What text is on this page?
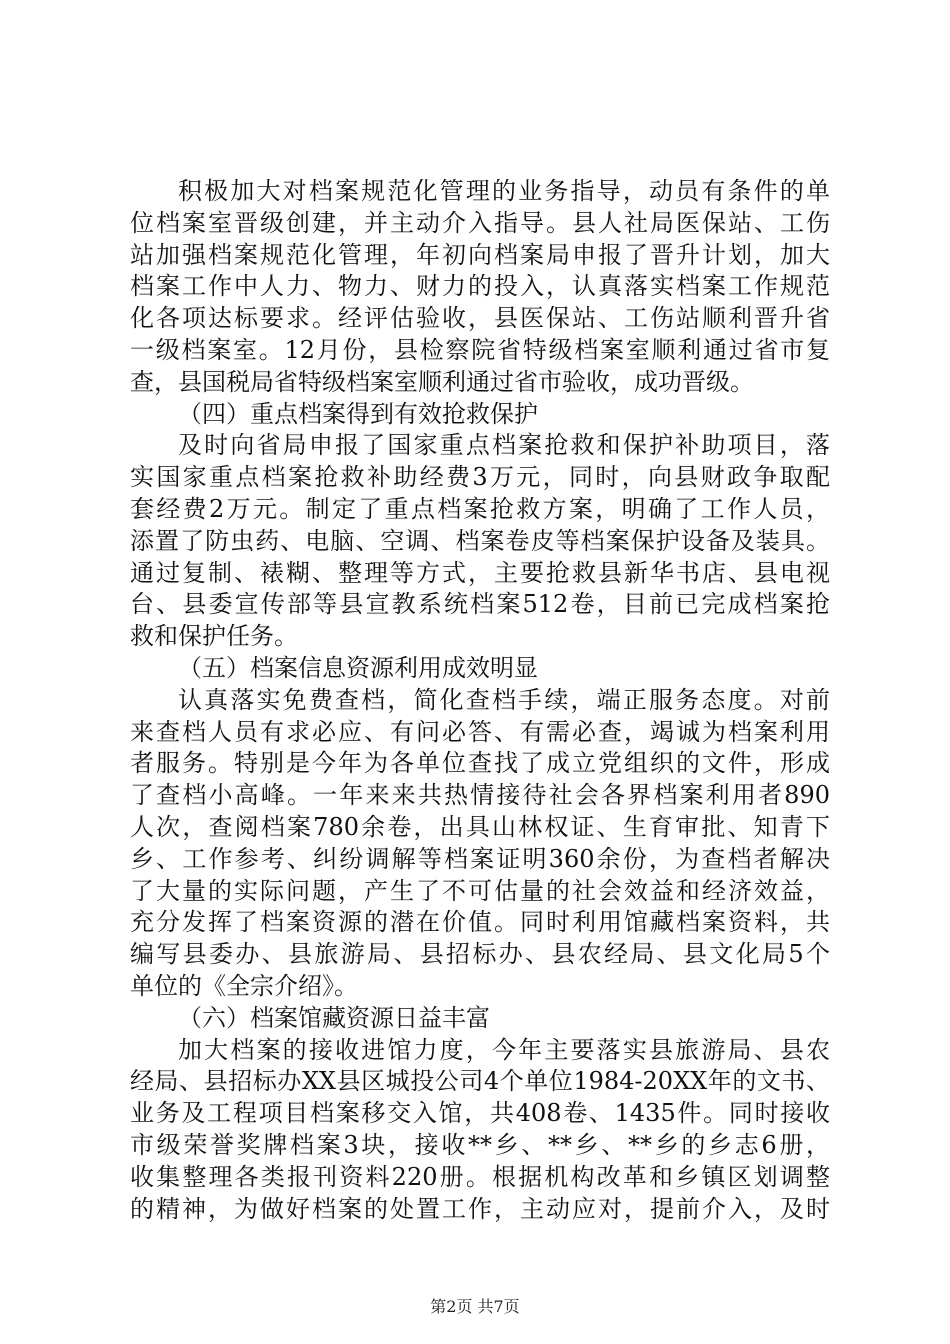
积极加大对档案规范化管理的业务指导，动员有条件的单
位档案室晋级创建，并主动介入指导。县人社局医保站、工伤
站加强档案规范化管理，年初向档案局申报了晋升计划，加大
档案工作中人力、物力、财力的投入，认真落实档案工作规范
化各项达标要求。经评估验收，县医保站、工伤站顺利晋升省
一级档案室。12月份，县检察院省特级档案室顺利通过省市复
查，县国税局省特级档案室顺利通过省市验收，成功晋级。
（四）重点档案得到有效抢救保护
及时向省局申报了国家重点档案抢救和保护补助项目，落
实国家重点档案抢救补助经费3万元，同时，向县财政争取配
套经费2万元。制定了重点档案抢救方案，明确了工作人员，
添置了防虫药、电脑、空调、档案卷皮等档案保护设备及装具。
通过复制、裱糊、整理等方式，主要抢救县新华书店、县电视
台、县委宣传部等县宣教系统档案512卷，目前已完成档案抢
救和保护任务。
（五）档案信息资源利用成效明显
认真落实免费查档，简化查档手续，端正服务态度。对前
来查档人员有求必应、有问必答、有需必查，竭诚为档案利用
者服务。特别是今年为各单位查找了成立党组织的文件，形成
了查档小高峰。一年来来共热情接待社会各界档案利用者890
人次，查阅档案780余卷，出具山林权证、生育审批、知青下
乡、工作参考、纠纷调解等档案证明360余份，为查档者解决
了大量的实际问题，产生了不可估量的社会效益和经济效益，
充分发挥了档案资源的潜在价值。同时利用馆藏档案资料，共
编写县委办、县旅游局、县招标办、县农经局、县文化局5个
单位的《全宗介绍》。
（六）档案馆藏资源日益丰富
加大档案的接收进馆力度，今年主要落实县旅游局、县农
经局、县招标办XX县区城投公司4个单位1984-20XX年的文书、
业务及工程项目档案移交入馆，共408卷、1435件。同时接收
市级荣誉奖牌档案3块，接收**乡、**乡、**乡的乡志6册，
收集整理各类报刊资料220册。根据机构改革和乡镇区划调整
的精神，为做好档案的处置工作，主动应对，提前介入，及时
第2页 共7页
